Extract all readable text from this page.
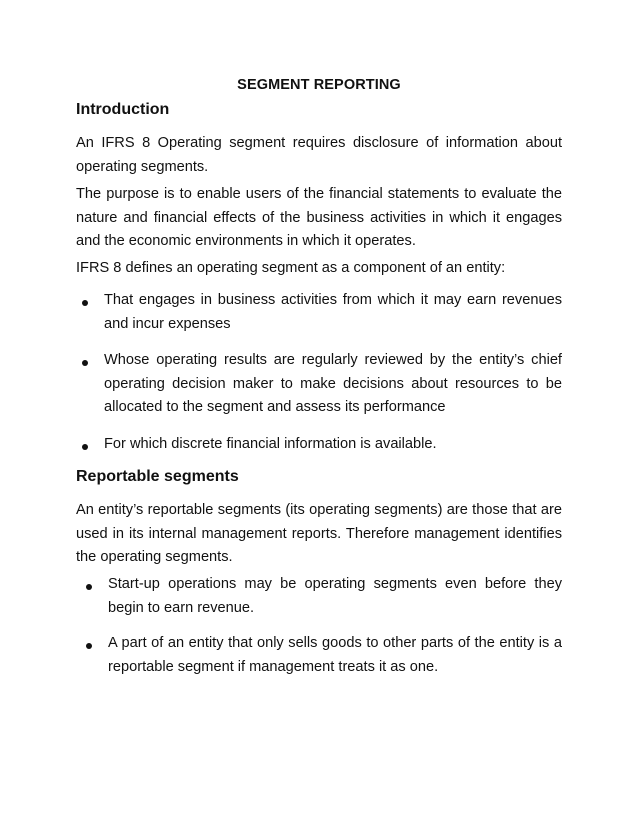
SEGMENT REPORTING
Introduction
An IFRS 8 Operating segment requires disclosure of information about operating segments.
The purpose is to enable users of the financial statements to evaluate the nature and financial effects of the business activities in which it engages and the economic environments in which it operates.
IFRS 8 defines an operating segment as a component of an entity:
That engages in business activities from which it may earn revenues and incur expenses
Whose operating results are regularly reviewed by the entity’s chief operating decision maker to make decisions about resources to be allocated to the segment and assess its performance
For which discrete financial information is available.
Reportable segments
An entity’s reportable segments (its operating segments) are those that are used in its internal management reports. Therefore management identifies the operating segments.
Start-up operations may be operating segments even before they begin to earn revenue.
A part of an entity that only sells goods to other parts of the entity is a reportable segment if management treats it as one.
